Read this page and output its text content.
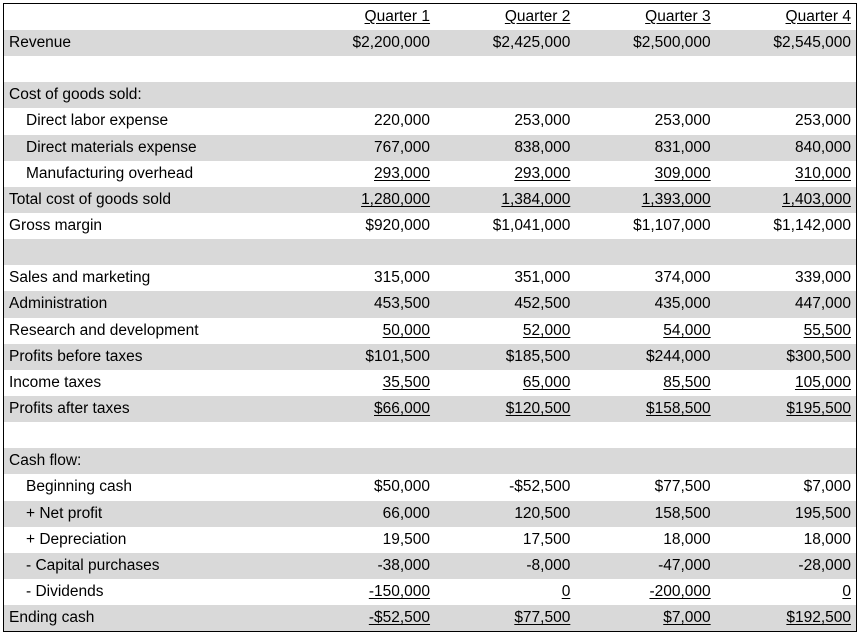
	Quarter 1	Quarter 2	Quarter 3	Quarter 4
Revenue	$2,200,000	$2,425,000	$2,500,000	$2,545,000

Cost of goods sold:				
Direct labor expense	220,000	253,000	253,000	253,000
Direct materials expense	767,000	838,000	831,000	840,000
Manufacturing overhead	293,000	293,000	309,000	310,000
Total cost of goods sold	1,280,000	1,384,000	1,393,000	1,403,000
Gross margin	$920,000	$1,041,000	$1,107,000	$1,142,000

Sales and marketing	315,000	351,000	374,000	339,000
Administration	453,500	452,500	435,000	447,000
Research and development	50,000	52,000	54,000	55,500
Profits before taxes	$101,500	$185,500	$244,000	$300,500
Income taxes	35,500	65,000	85,500	105,000
Profits after taxes	$66,000	$120,500	$158,500	$195,500

Cash flow:				
Beginning cash	$50,000	-$52,500	$77,500	$7,000
+ Net profit	66,000	120,500	158,500	195,500
+ Depreciation	19,500	17,500	18,000	18,000
- Capital purchases	-38,000	-8,000	-47,000	-28,000
- Dividends	-150,000	0	-200,000	0
Ending cash	-$52,500	$77,500	$7,000	$192,500
